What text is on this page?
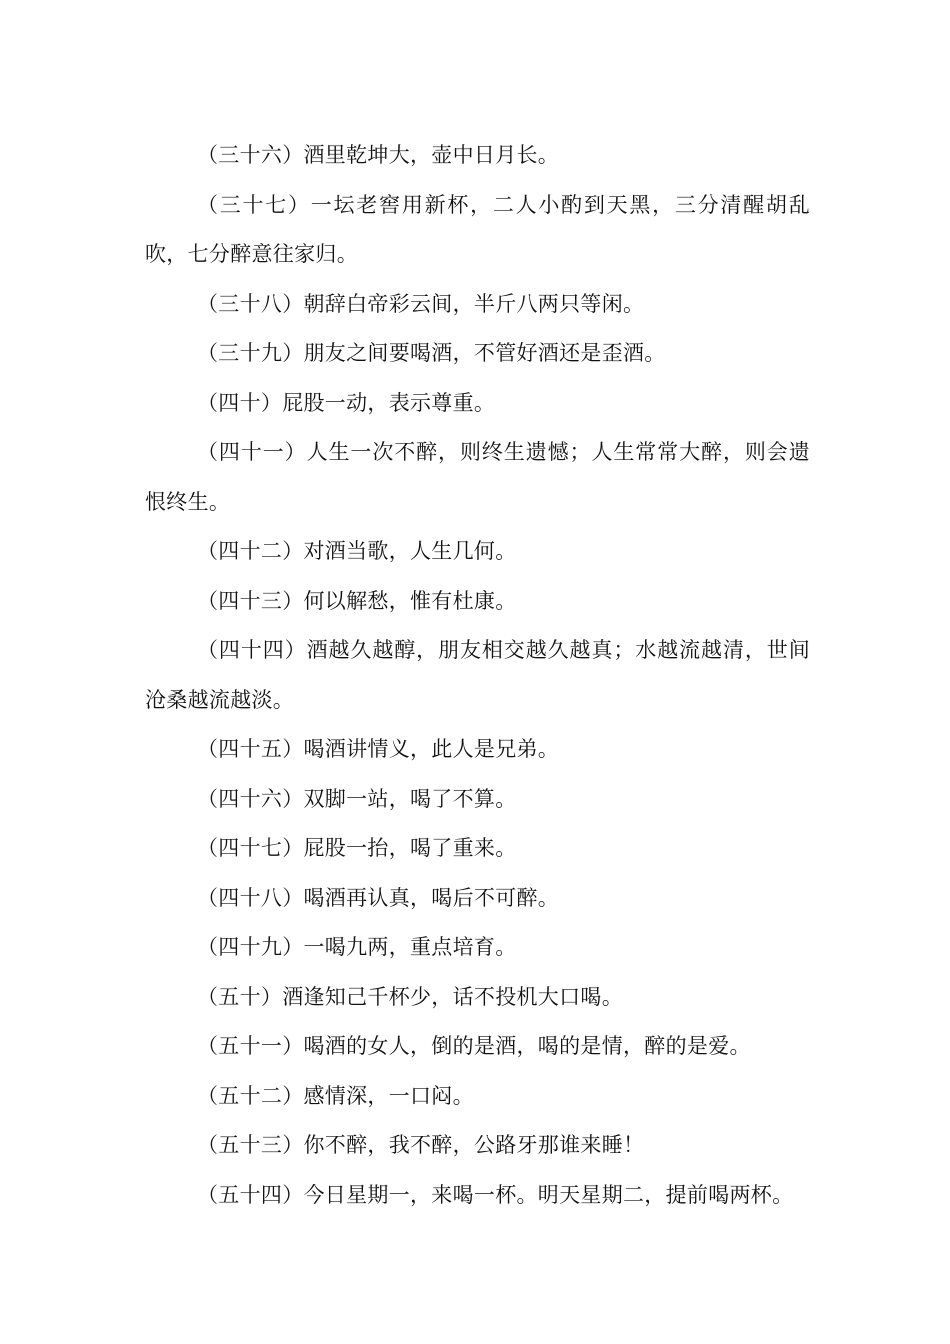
（三十六）酒里乾坤大，壶中日月长。

（三十七）一坛老窖用新杯，二人小酌到天黑，三分清醒胡乱吹，七分醉意往家归。

（三十八）朝辞白帝彩云间，半斤八两只等闲。

（三十九）朋友之间要喝酒，不管好酒还是歪酒。

（四十）屁股一动，表示尊重。

（四十一）人生一次不醉，则终生遗憾；人生常常大醉，则会遗恨终生。

（四十二）对酒当歌，人生几何。

（四十三）何以解愁，惟有杜康。

（四十四）酒越久越醇，朋友相交越久越真；水越流越清，世间沧桑越流越淡。

（四十五）喝酒讲情义，此人是兄弟。

（四十六）双脚一站，喝了不算。

（四十七）屁股一抬，喝了重来。

（四十八）喝酒再认真，喝后不可醉。

（四十九）一喝九两，重点培育。

（五十）酒逢知己千杯少，话不投机大口喝。

（五十一）喝酒的女人，倒的是酒，喝的是情，醉的是爱。

（五十二）感情深，一口闷。

（五十三）你不醉，我不醉，公路牙那谁来睡！

（五十四）今日星期一，来喝一杯。明天星期二，提前喝两杯。
